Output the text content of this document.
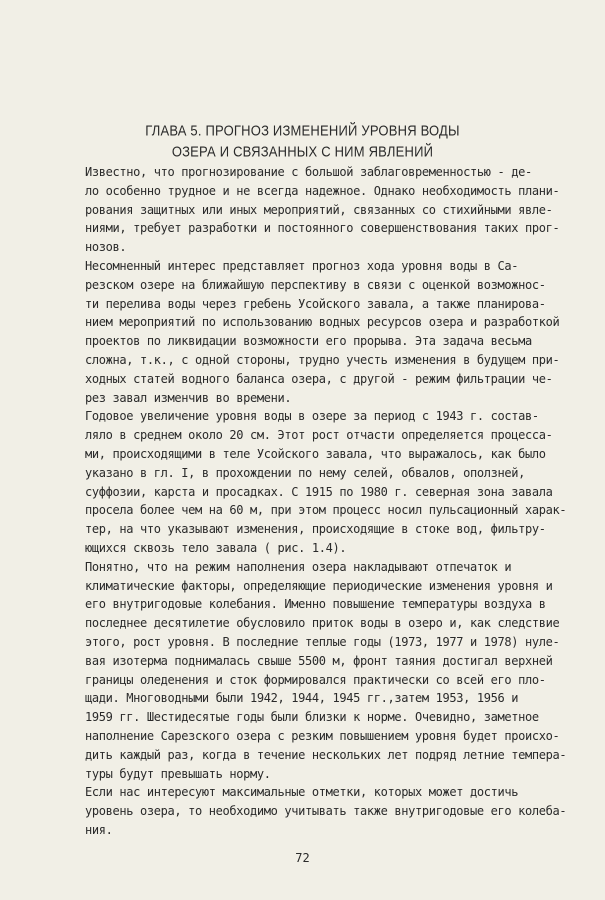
ГЛАВА 5. ПРОГНОЗ ИЗМЕНЕНИЙ УРОВНЯ ВОДЫ
ОЗЕРА И СВЯЗАННЫХ С НИМ ЯВЛЕНИЙ
Известно, что прогнозирование с большой заблаговременностью - де-
ло особенно трудное и не всегда надежное. Однако необходимость плани-
рования защитных или иных мероприятий, связанных со стихийными явле-
ниями, требует разработки и постоянного совершенствования таких прог-
нозов.
Несомненный интерес представляет прогноз хода уровня воды в Са-
резском озере на ближайшую перспективу в связи с оценкой возможнос-
ти перелива воды через гребень Усойского завала, а также планирова-
нием мероприятий по использованию водных ресурсов озера и разработкой
проектов по ликвидации возможности его прорыва. Эта задача весьма
сложна, т.к., с одной стороны, трудно учесть изменения в будущем при-
ходных статей водного баланса озера, с другой - режим фильтрации че-
рез завал изменчив во времени.
Годовое увеличение уровня воды в озере за период с 1943 г. состав-
ляло в среднем около 20 см. Этот рост отчасти определяется процесса-
ми, происходящими в теле Усойского завала, что выражалось, как было
указано в гл. I, в прохождении по нему селей, обвалов, оползней,
суффозии, карста и просадках. С 1915 по 1980 г. северная зона завала
просела более чем на 60 м, при этом процесс носил пульсационный харак-
тер, на что указывают изменения, происходящие в стоке вод, фильтру-
ющихся сквозь тело завала ( рис. 1.4).
Понятно, что на режим наполнения озера накладывают отпечаток и
климатические факторы, определяющие периодические изменения уровня и
его внутригодовые колебания. Именно повышение температуры воздуха в
последнее десятилетие обусловило приток воды в озеро и, как следствие
этого, рост уровня. В последние теплые годы (1973, 1977 и 1978) нуле-
вая изотерма поднималась свыше 5500 м, фронт таяния достигал верхней
границы оледенения и сток формировался практически со всей его пло-
щади. Многоводными были 1942, 1944, 1945 гг.,затем 1953, 1956 и
1959 гг. Шестидесятые годы были близки к норме. Очевидно, заметное
наполнение Сарезского озера с резким повышением уровня будет происхо-
дить каждый раз, когда в течение нескольких лет подряд летние темпера-
туры будут превышать норму.
Если нас интересуют максимальные отметки, которых может достичь
уровень озера, то необходимо учитывать также внутригодовые его колеба-
ния.
72
